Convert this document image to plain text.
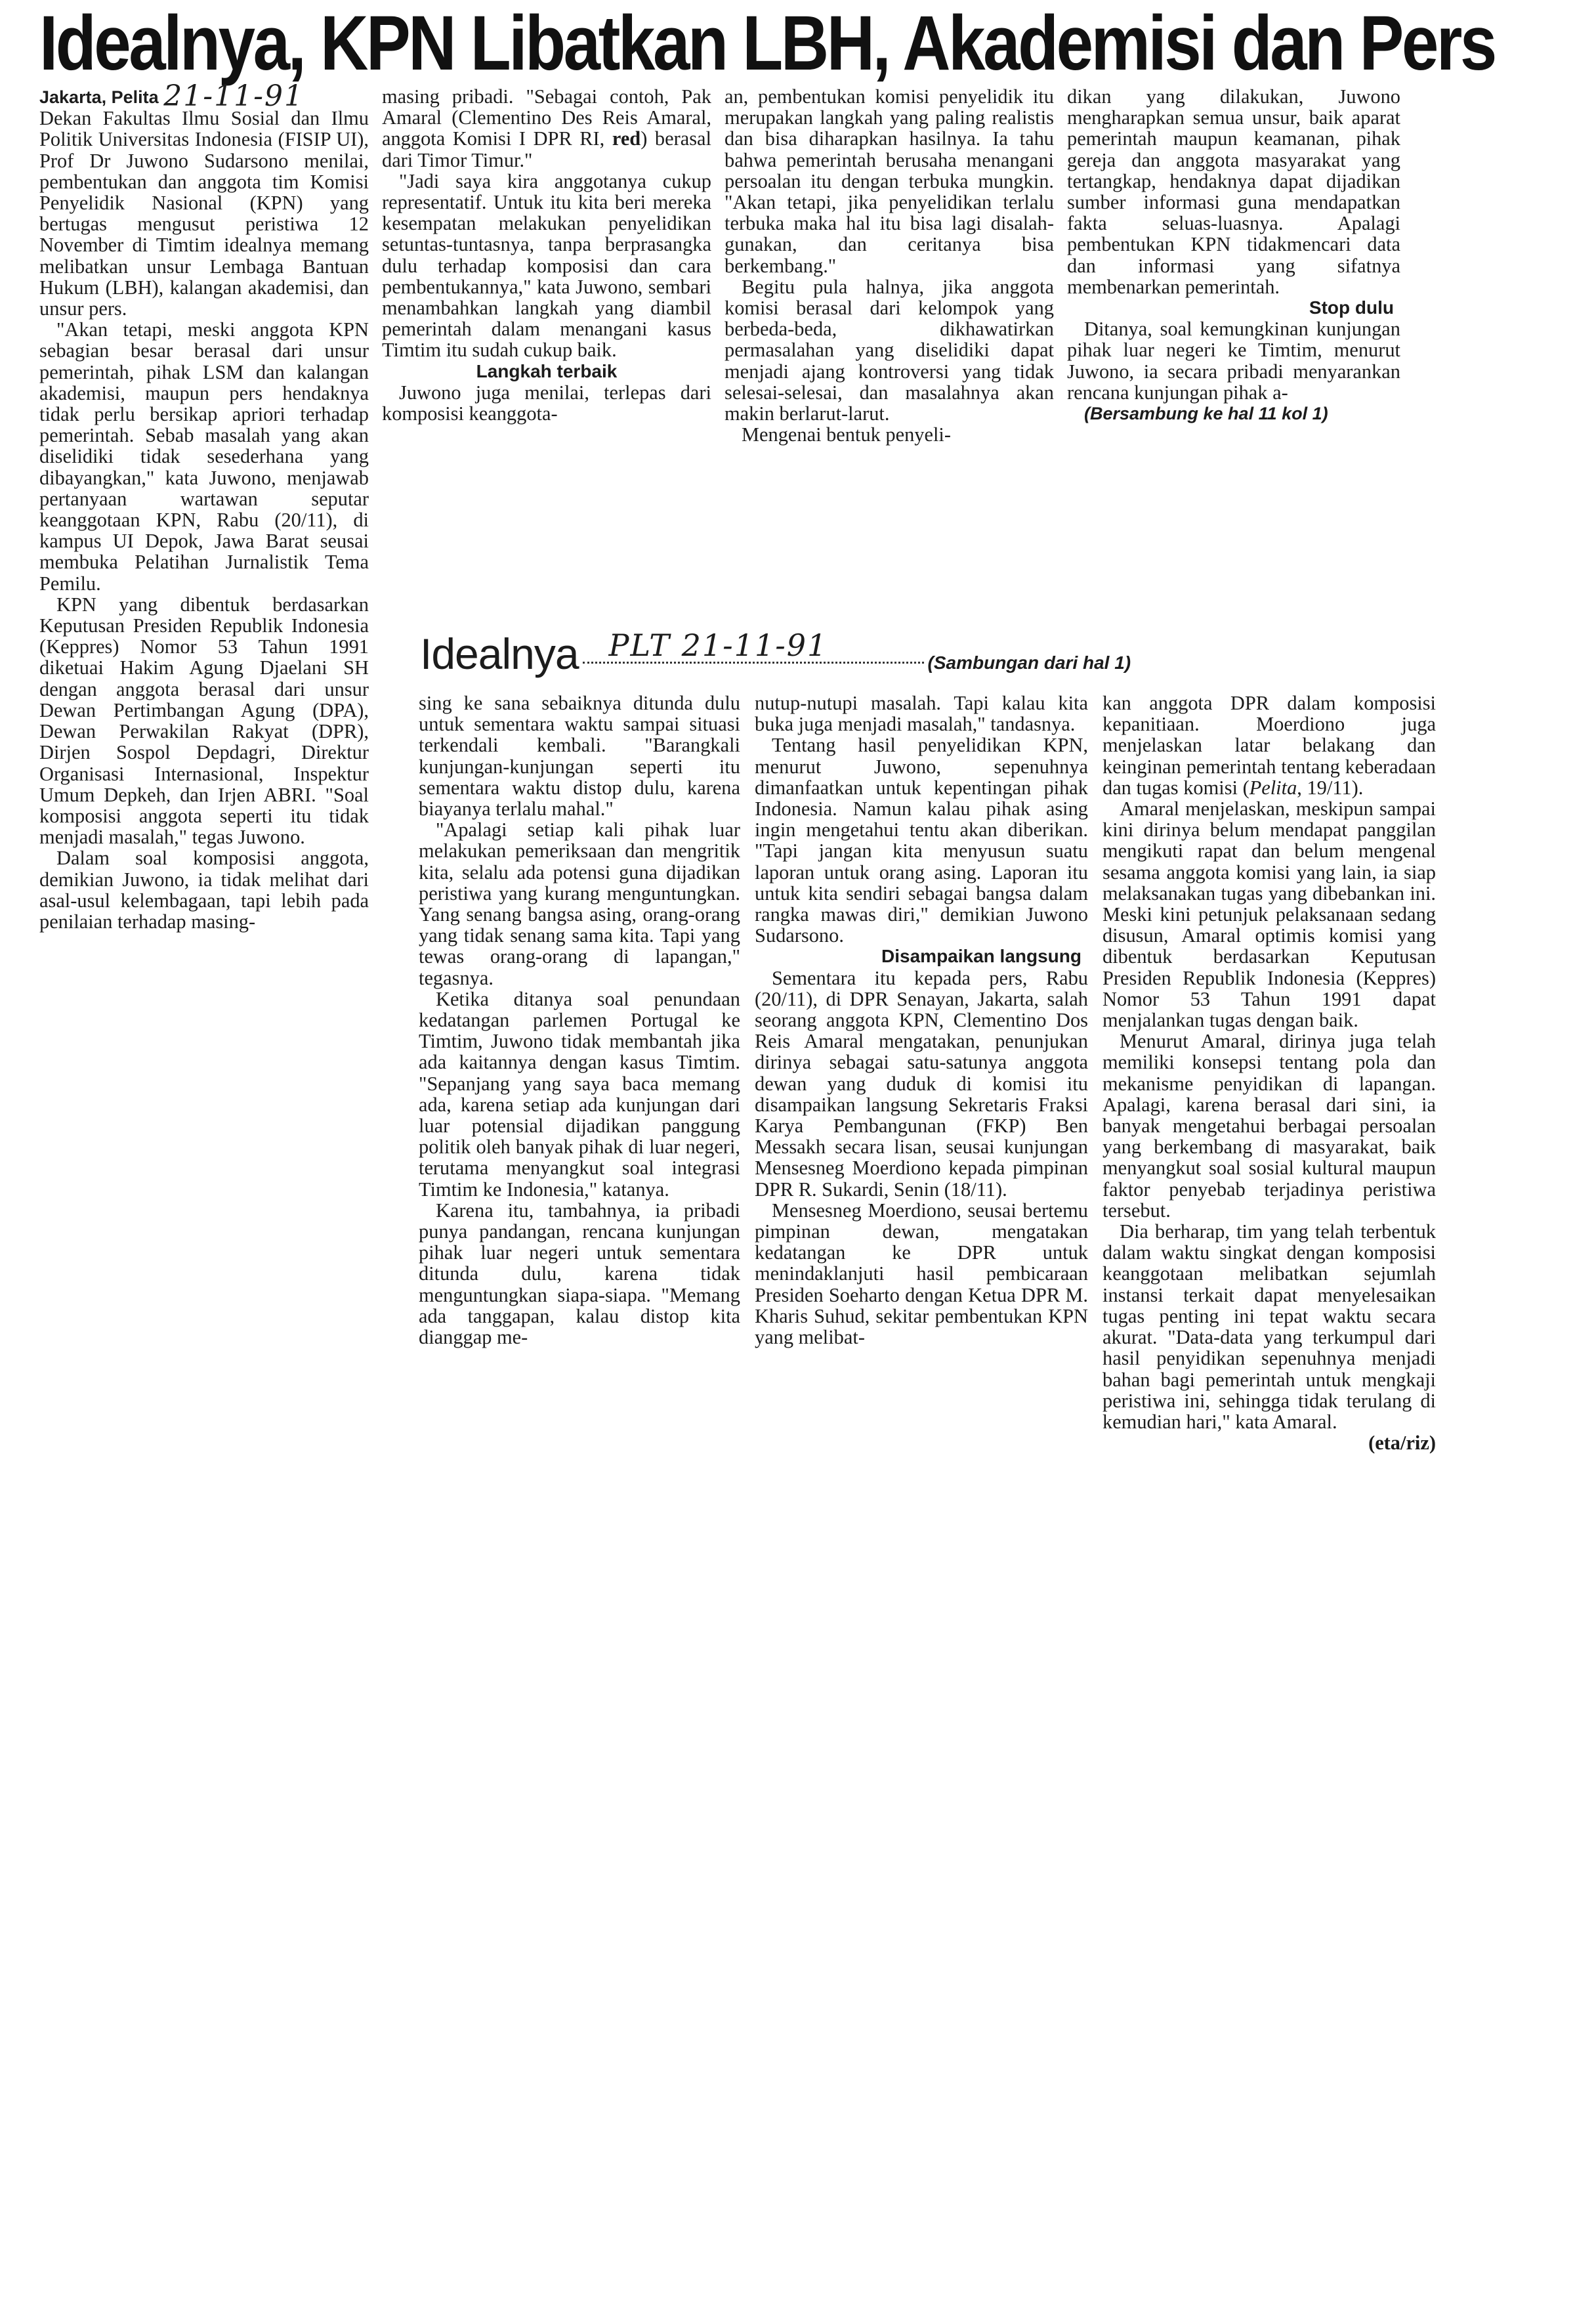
Idealnya, KPN Libatkan LBH, Akademisi dan Pers

Jakarta, Pelita 21-11-91

Dekan Fakultas Ilmu Sosial dan Ilmu Politik Universitas Indonesia (FISIP UI), Prof Dr Juwono Sudarsono menilai, pembentukan dan anggota tim Komisi Penyelidik Nasional (KPN) yang bertugas mengusut peristiwa 12 November di Timtim idealnya memang melibatkan unsur Lembaga Bantuan Hukum (LBH), kalangan akademisi, dan unsur pers.

"Akan tetapi, meski anggota KPN sebagian besar berasal dari unsur pemerintah, pihak LSM dan kalangan akademisi, maupun pers hendaknya tidak perlu bersikap apriori terhadap pemerintah. Sebab masalah yang akan diselidiki tidak sesederhana yang dibayangkan," kata Juwono, menjawab pertanyaan wartawan seputar keanggotaan KPN, Rabu (20/11), di kampus UI Depok, Jawa Barat seusai membuka Pelatihan Jurnalistik Tema Pemilu.

KPN yang dibentuk berdasarkan Keputusan Presiden Republik Indonesia (Keppres) Nomor 53 Tahun 1991 diketuai Hakim Agung Djaelani SH dengan anggota berasal dari unsur Dewan Pertimbangan Agung (DPA), Dewan Perwakilan Rakyat (DPR), Dirjen Sospol Depdagri, Direktur Organisasi Internasional, Inspektur Umum Depkeh, dan Irjen ABRI. "Soal komposisi anggota seperti itu tidak menjadi masalah," tegas Juwono.

Dalam soal komposisi anggota, demikian Juwono, ia tidak melihat dari asal-usul kelembagaan, tapi lebih pada penilaian terhadap masing-

masing pribadi. "Sebagai contoh, Pak Amaral (Clementino Des Reis Amaral, anggota Komisi I DPR RI, red) berasal dari Timor Timur."

"Jadi saya kira anggotanya cukup representatif. Untuk itu kita beri mereka kesempatan melakukan penyelidikan setuntas-tuntasnya, tanpa berprasangka dulu terhadap komposisi dan cara pembentukannya," kata Juwono, sembari menambahkan langkah yang diambil pemerintah dalam menangani kasus Timtim itu sudah cukup baik.

Langkah terbaik

Juwono juga menilai, terlepas dari komposisi keanggota-

an, pembentukan komisi penyelidik itu merupakan langkah yang paling realistis dan bisa diharapkan hasilnya. Ia tahu bahwa pemerintah berusaha menangani persoalan itu dengan terbuka mungkin. "Akan tetapi, jika penyelidikan terlalu terbuka maka hal itu bisa lagi disalah-gunakan, dan ceritanya bisa berkembang."

Begitu pula halnya, jika anggota komisi berasal dari kelompok yang berbeda-beda, dikhawatirkan permasalahan yang diselidiki dapat menjadi ajang kontroversi yang tidak selesai-selesai, dan masalahnya akan makin berlarut-larut.

Mengenai bentuk penyeli-

dikan yang dilakukan, Juwono mengharapkan semua unsur, baik aparat pemerintah maupun keamanan, pihak gereja dan anggota masyarakat yang tertangkap, hendaknya dapat dijadikan sumber informasi guna mendapatkan fakta seluas-luasnya. Apalagi pembentukan KPN tidakmencari data dan informasi yang sifatnya membenarkan pemerintah.

Stop dulu

Ditanya, soal kemungkinan kunjungan pihak luar negeri ke Timtim, menurut Juwono, ia secara pribadi menyarankan rencana kunjungan pihak a-

(Bersambung ke hal 11 kol 1)

Idealnya PLT 21-11-91	(Sambungan dari hal 1)

sing ke sana sebaiknya ditunda dulu untuk sementara waktu sampai situasi terkendali kembali. "Barangkali kunjungan-kunjungan seperti itu sementara waktu distop dulu, karena biayanya terlalu mahal."

"Apalagi setiap kali pihak luar melakukan pemeriksaan dan mengritik kita, selalu ada potensi guna dijadikan peristiwa yang kurang menguntungkan. Yang senang bangsa asing, orang-orang yang tidak senang sama kita. Tapi yang tewas orang-orang di lapangan," tegasnya.

Ketika ditanya soal penundaan kedatangan parlemen Portugal ke Timtim, Juwono tidak membantah jika ada kaitannya dengan kasus Timtim. "Sepanjang yang saya baca memang ada, karena setiap ada kunjungan dari luar potensial dijadikan panggung politik oleh banyak pihak di luar negeri, terutama menyangkut soal integrasi Timtim ke Indonesia," katanya.

Karena itu, tambahnya, ia pribadi punya pandangan, rencana kunjungan pihak luar negeri untuk sementara ditunda dulu, karena tidak menguntungkan siapa-siapa. "Memang ada tanggapan, kalau distop kita dianggap me-

nutup-nutupi masalah. Tapi kalau kita buka juga menjadi masalah," tandasnya.

Tentang hasil penyelidikan KPN, menurut Juwono, sepenuhnya dimanfaatkan untuk kepentingan pihak Indonesia. Namun kalau pihak asing ingin mengetahui tentu akan diberikan. "Tapi jangan kita menyusun suatu laporan untuk orang asing. Laporan itu untuk kita sendiri sebagai bangsa dalam rangka mawas diri," demikian Juwono Sudarsono.

Disampaikan langsung

Sementara itu kepada pers, Rabu (20/11), di DPR Senayan, Jakarta, salah seorang anggota KPN, Clementino Dos Reis Amaral mengatakan, penunjukan dirinya sebagai satu-satunya anggota dewan yang duduk di komisi itu disampaikan langsung Sekretaris Fraksi Karya Pembangunan (FKP) Ben Messakh secara lisan, seusai kunjungan Mensesneg Moerdiono kepada pimpinan DPR R. Sukardi, Senin (18/11).

Mensesneg Moerdiono, seusai bertemu pimpinan dewan, mengatakan kedatangan ke DPR untuk menindaklanjuti hasil pembicaraan Presiden Soeharto dengan Ketua DPR M. Kharis Suhud, sekitar pembentukan KPN yang melibat-

kan anggota DPR dalam komposisi kepanitiaan. Moerdiono juga menjelaskan latar belakang dan keinginan pemerintah tentang keberadaan dan tugas komisi (Pelita, 19/11).

Amaral menjelaskan, meskipun sampai kini dirinya belum mendapat panggilan mengikuti rapat dan belum mengenal sesama anggota komisi yang lain, ia siap melaksanakan tugas yang dibebankan ini. Meski kini petunjuk pelaksanaan sedang disusun, Amaral optimis komisi yang dibentuk berdasarkan Keputusan Presiden Republik Indonesia (Keppres) Nomor 53 Tahun 1991 dapat menjalankan tugas dengan baik.

Menurut Amaral, dirinya juga telah memiliki konsepsi tentang pola dan mekanisme penyidikan di lapangan. Apalagi, karena berasal dari sini, ia banyak mengetahui berbagai persoalan yang berkembang di masyarakat, baik menyangkut soal sosial kultural maupun faktor penyebab terjadinya peristiwa tersebut.

Dia berharap, tim yang telah terbentuk dalam waktu singkat dengan komposisi keanggotaan melibatkan sejumlah instansi terkait dapat menyelesaikan tugas penting ini tepat waktu secara akurat. "Data-data yang terkumpul dari hasil penyidikan sepenuhnya menjadi bahan bagi pemerintah untuk mengkaji peristiwa ini, sehingga tidak terulang di kemudian hari," kata Amaral.

(eta/riz)
